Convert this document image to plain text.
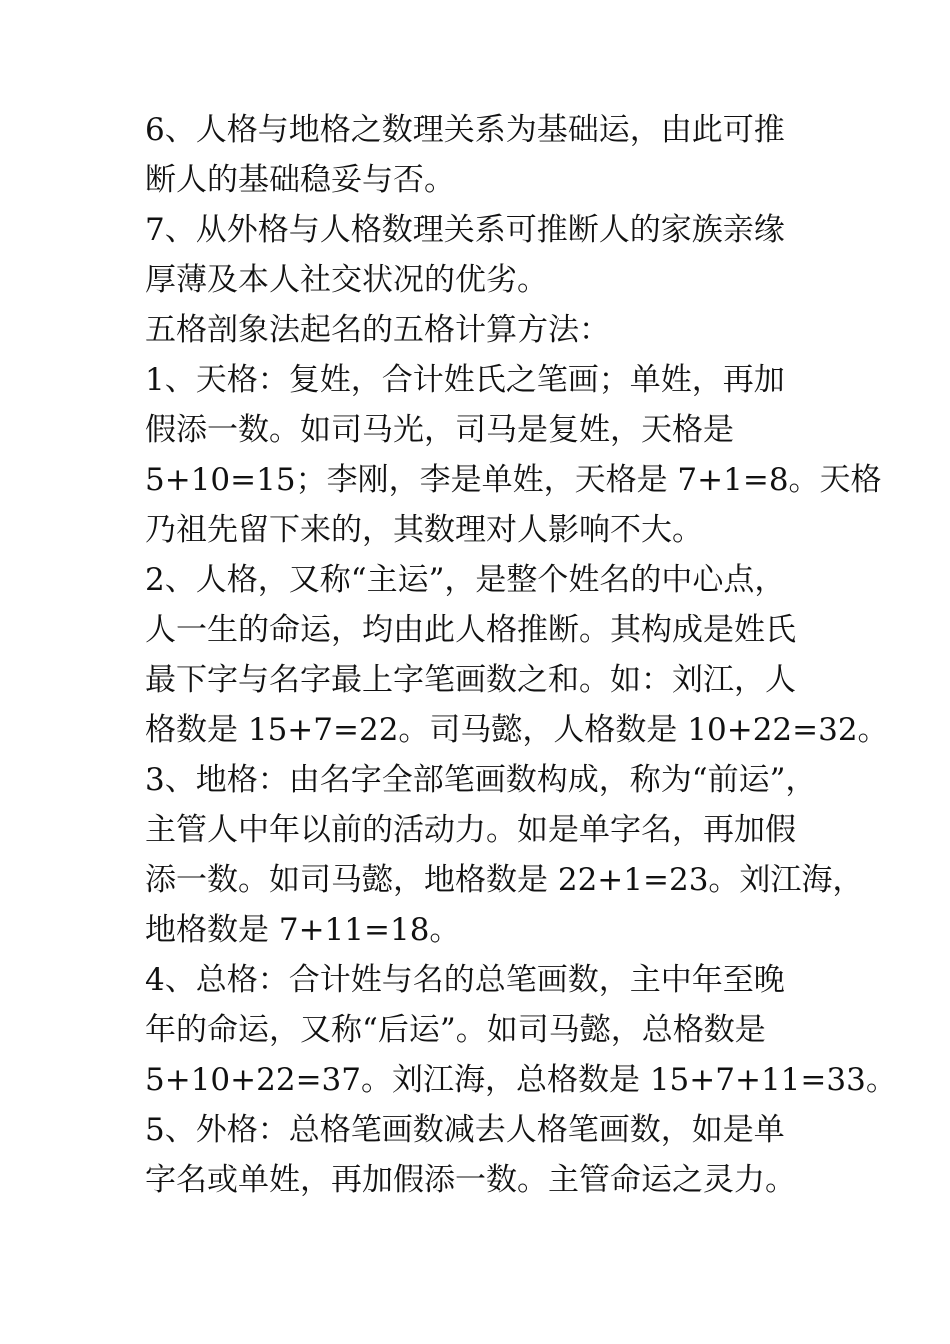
6、人格与地格之数理关系为基础运，由此可推
断人的基础稳妥与否。
7、从外格与人格数理关系可推断人的家族亲缘
厚薄及本人社交状况的优劣。
五格剖象法起名的五格计算方法：
1、天格：复姓，合计姓氏之笔画；单姓，再加
假添一数。如司马光，司马是复姓，天格是
5+10=15；李刚，李是单姓，天格是 7+1=8。天格
乃祖先留下来的，其数理对人影响不大。
2、人格，又称“主运”，是整个姓名的中心点，
人一生的命运，均由此人格推断。其构成是姓氏
最下字与名字最上字笔画数之和。如：刘江，人
格数是 15+7=22。司马懿，人格数是 10+22=32。
3、地格：由名字全部笔画数构成，称为“前运”，
主管人中年以前的活动力。如是单字名，再加假
添一数。如司马懿，地格数是 22+1=23。刘江海，
地格数是 7+11=18。
4、总格：合计姓与名的总笔画数，主中年至晚
年的命运，又称“后运”。如司马懿，总格数是
5+10+22=37。刘江海，总格数是 15+7+11=33。
5、外格：总格笔画数减去人格笔画数，如是单
字名或单姓，再加假添一数。主管命运之灵力。
